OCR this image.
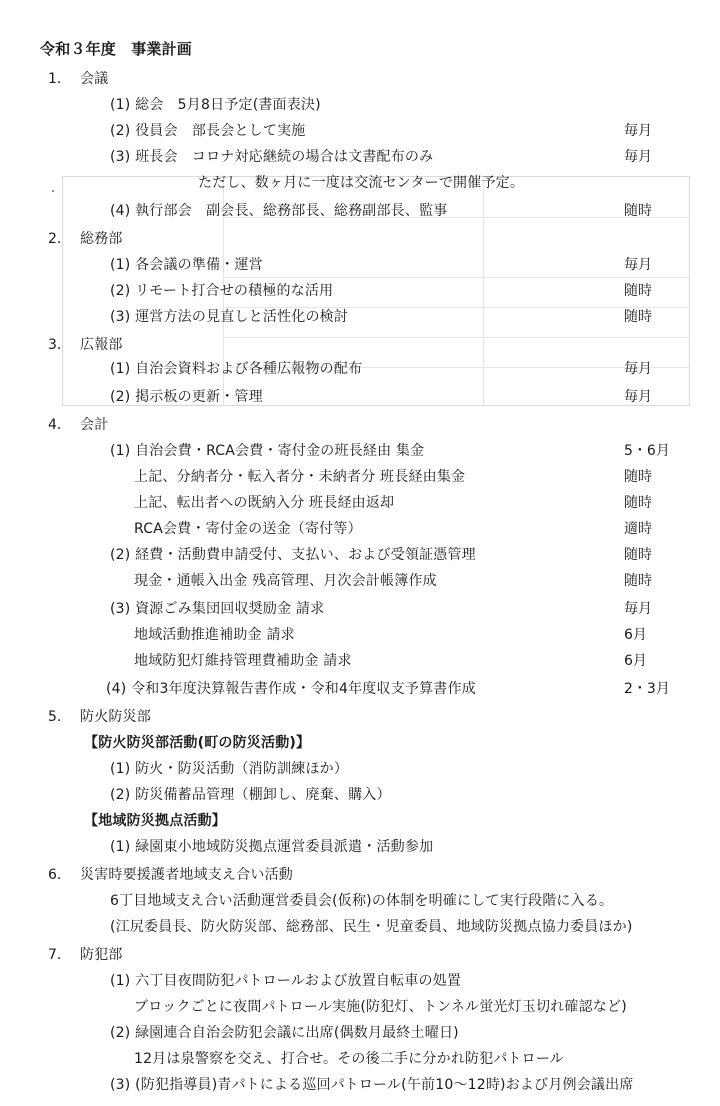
令和３年度　事業計画
1． 会議
(1) 総会　5月8日予定(書面表決)
(2) 役員会　部長会として実施	毎月
(3) 班長会　コロナ対応継続の場合は文書配布のみ	毎月
ただし、数ヶ月に一度は交流センターで開催予定。
(4) 執行部会　副会長、総務部長、総務副部長、監事	随時
2. 総務部
(1) 各会議の準備・運営	毎月
(2) リモート打合せの積極的な活用	随時
(3) 運営方法の見直しと活性化の検討	随時
3． 広報部
(1) 自治会資料および各種広報物の配布	毎月
(2) 掲示板の更新・管理	毎月
4． 会計
(1) 自治会費・RCA会費・寄付金の班長経由 集金	5・6月
上記、分納者分・転入者分・未納者分 班長経由集金	随時
上記、転出者への既納入分 班長経由返却	随時
RCA会費・寄付金の送金（寄付等）	適時
(2) 経費・活動費申請受付、支払い、および受領証憑管理	随時
現金・通帳入出金 残高管理、月次会計帳簿作成	随時
(3) 資源ごみ集団回収奨励金 請求	毎月
地域活動推進補助金 請求	6月
地域防犯灯維持管理費補助金 請求	6月
(4) 令和3年度決算報告書作成・令和4年度収支予算書作成	2・3月
5. 防火防災部
【防火防災部活動(町の防災活動)】
(1) 防火・防災活動（消防訓練ほか）
(2) 防災備蓄品管理（棚卸し、廃棄、購入）
【地域防災拠点活動】
(1) 緑園東小地域防災拠点運営委員派遣・活動参加
6. 災害時要援護者地域支え合い活動
6丁目地域支え合い活動運営委員会(仮称)の体制を明確にして実行段階に入る。
(江尻委員長、防火防災部、総務部、民生・児童委員、地域防災拠点協力委員ほか)
7. 防犯部
(1) 六丁目夜間防犯パトロールおよび放置自転車の処置
ブロックごとに夜間パトロール実施(防犯灯、トンネル蛍光灯玉切れ確認など)
(2) 緑園連合自治会防犯会議に出席(偶数月最終土曜日)
12月は泉警察を交え、打合せ。その後二手に分かれ防犯パトロール
(3) (防犯指導員)青パトによる巡回パトロール(午前10〜12時)および月例会議出席
